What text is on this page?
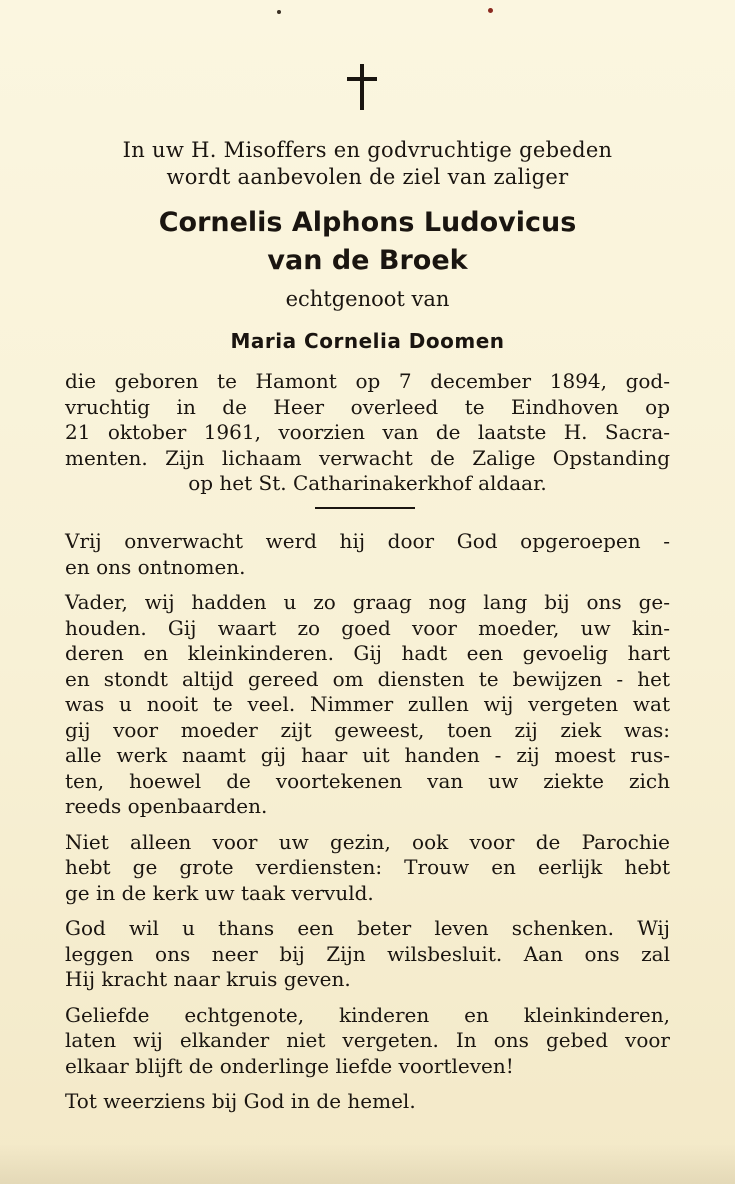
In uw H. Misoffers en godvruchtige gebeden
wordt aanbevolen de ziel van zaliger
Cornelis Alphons Ludovicus
van de Broek
echtgenoot van
Maria Cornelia Doomen
die geboren te Hamont op 7 december 1894, god-
vruchtig in de Heer overleed te Eindhoven op
21 oktober 1961, voorzien van de laatste H. Sacra-
menten. Zijn lichaam verwacht de Zalige Opstanding
op het St. Catharinakerkhof aldaar.
Vrij onverwacht werd hij door God opgeroepen -
en ons ontnomen.
Vader, wij hadden u zo graag nog lang bij ons ge-
houden. Gij waart zo goed voor moeder, uw kin-
deren en kleinkinderen. Gij hadt een gevoelig hart
en stondt altijd gereed om diensten te bewijzen - het
was u nooit te veel. Nimmer zullen wij vergeten wat
gij voor moeder zijt geweest, toen zij ziek was:
alle werk naamt gij haar uit handen - zij moest rus-
ten, hoewel de voortekenen van uw ziekte zich
reeds openbaarden.
Niet alleen voor uw gezin, ook voor de Parochie
hebt ge grote verdiensten: Trouw en eerlijk hebt
ge in de kerk uw taak vervuld.
God wil u thans een beter leven schenken. Wij
leggen ons neer bij Zijn wilsbesluit. Aan ons zal
Hij kracht naar kruis geven.
Geliefde echtgenote, kinderen en kleinkinderen,
laten wij elkander niet vergeten. In ons gebed voor
elkaar blijft de onderlinge liefde voortleven!
Tot weerziens bij God in de hemel.
